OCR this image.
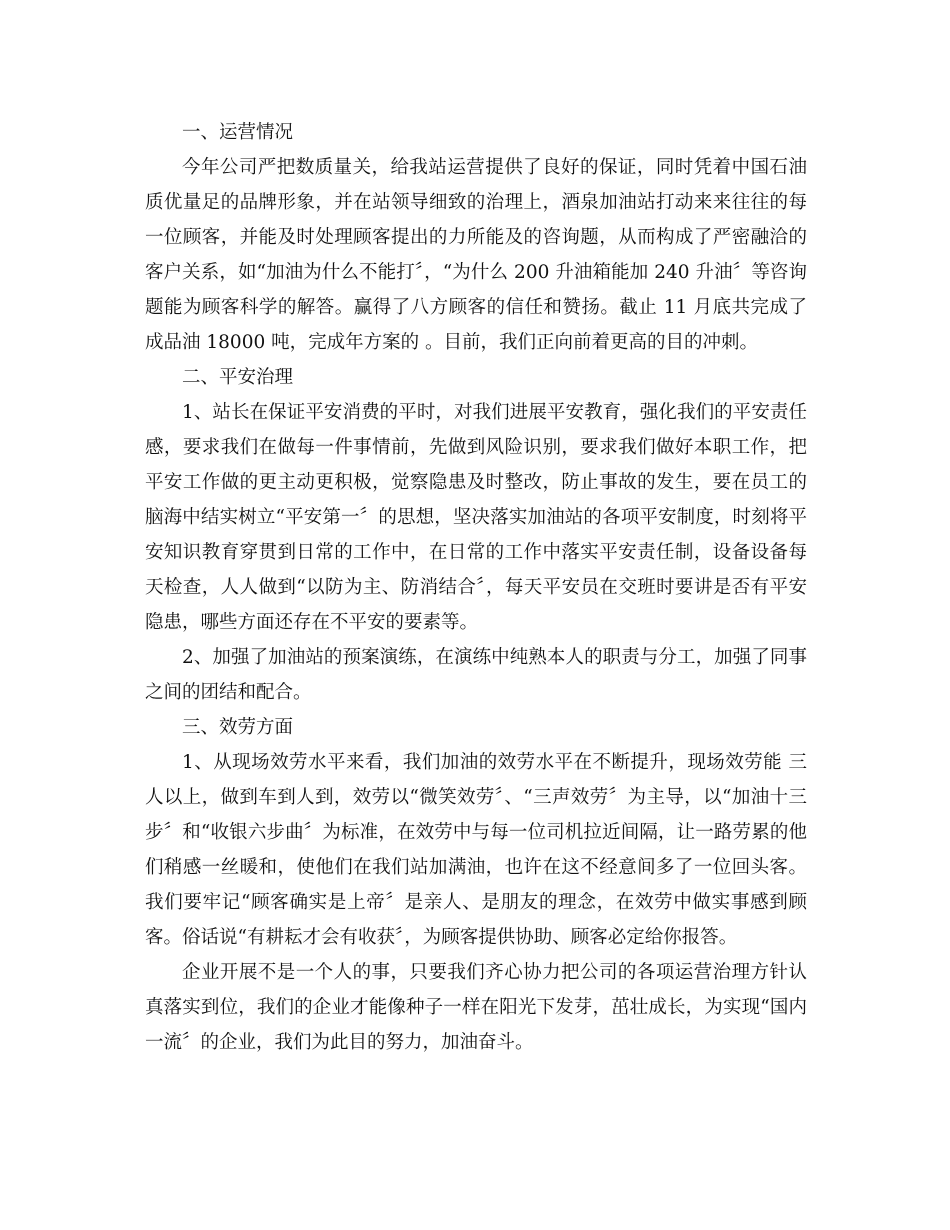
一、运营情况

今年公司严把数质量关，给我站运营提供了良好的保证，同时凭着中国石油质优量足的品牌形象，并在站领导细致的治理上，酒泉加油站打动来来往往的每一位顾客，并能及时处理顾客提出的力所能及的咨询题，从而构成了严密融洽的客户关系，如“加油为什么不能打〞，“为什么 200 升油箱能加 240 升油〞等咨询题能为顾客科学的解答。赢得了八方顾客的信任和赞扬。截止 11 月底共完成了成品油 18000 吨，完成年方案的 。目前，我们正向前着更高的目的冲刺。

二、平安治理

1、站长在保证平安消费的平时，对我们进展平安教育，强化我们的平安责任感，要求我们在做每一件事情前，先做到风险识别，要求我们做好本职工作，把平安工作做的更主动更积极，觉察隐患及时整改，防止事故的发生，要在员工的脑海中结实树立“平安第一〞的思想，坚决落实加油站的各项平安制度，时刻将平安知识教育穿贯到日常的工作中，在日常的工作中落实平安责任制，设备设备每天检查，人人做到“以防为主、防消结合〞，每天平安员在交班时要讲是否有平安隐患，哪些方面还存在不平安的要素等。

2、加强了加油站的预案演练，在演练中纯熟本人的职责与分工，加强了同事之间的团结和配合。

三、效劳方面

1、从现场效劳水平来看，我们加油的效劳水平在不断提升，现场效劳能 三人以上，做到车到人到，效劳以“微笑效劳〞、“三声效劳〞为主导，以“加油十三步〞和“收银六步曲〞为标准，在效劳中与每一位司机拉近间隔，让一路劳累的他们稍感一丝暖和，使他们在我们站加满油，也许在这不经意间多了一位回头客。我们要牢记“顾客确实是上帝〞是亲人、是朋友的理念，在效劳中做实事感到顾客。俗话说“有耕耘才会有收获〞，为顾客提供协助、顾客必定给你报答。

企业开展不是一个人的事，只要我们齐心协力把公司的各项运营治理方针认真落实到位，我们的企业才能像种子一样在阳光下发芽，茁壮成长，为实现“国内一流〞的企业，我们为此目的努力，加油奋斗。
